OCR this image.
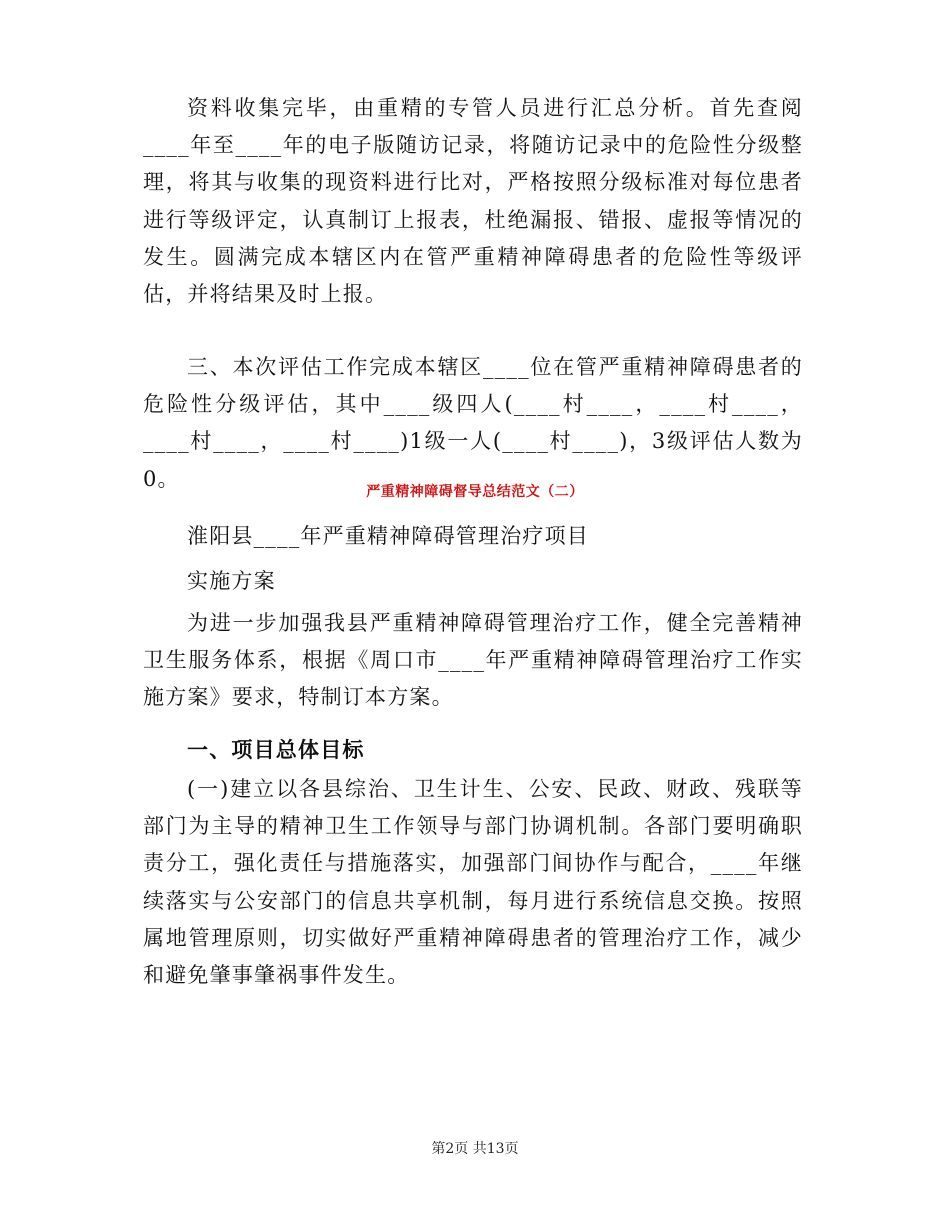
资料收集完毕，由重精的专管人员进行汇总分析。首先查阅____年至____年的电子版随访记录，将随访记录中的危险性分级整理，将其与收集的现资料进行比对，严格按照分级标准对每位患者进行等级评定，认真制订上报表，杜绝漏报、错报、虚报等情况的发生。圆满完成本辖区内在管严重精神障碍患者的危险性等级评估，并将结果及时上报。

三、本次评估工作完成本辖区____位在管严重精神障碍患者的危险性分级评估，其中____级四人(____村____，____村____，____村____，____村____)1级一人(____村____)，3级评估人数为0。

严重精神障碍督导总结范文（二）

淮阳县____年严重精神障碍管理治疗项目

实施方案

为进一步加强我县严重精神障碍管理治疗工作，健全完善精神卫生服务体系，根据《周口市____年严重精神障碍管理治疗工作实施方案》要求，特制订本方案。

一、项目总体目标

(一)建立以各县综治、卫生计生、公安、民政、财政、残联等部门为主导的精神卫生工作领导与部门协调机制。各部门要明确职责分工，强化责任与措施落实，加强部门间协作与配合，____年继续落实与公安部门的信息共享机制，每月进行系统信息交换。按照属地管理原则，切实做好严重精神障碍患者的管理治疗工作，减少和避免肇事肇祸事件发生。

第2页 共13页
